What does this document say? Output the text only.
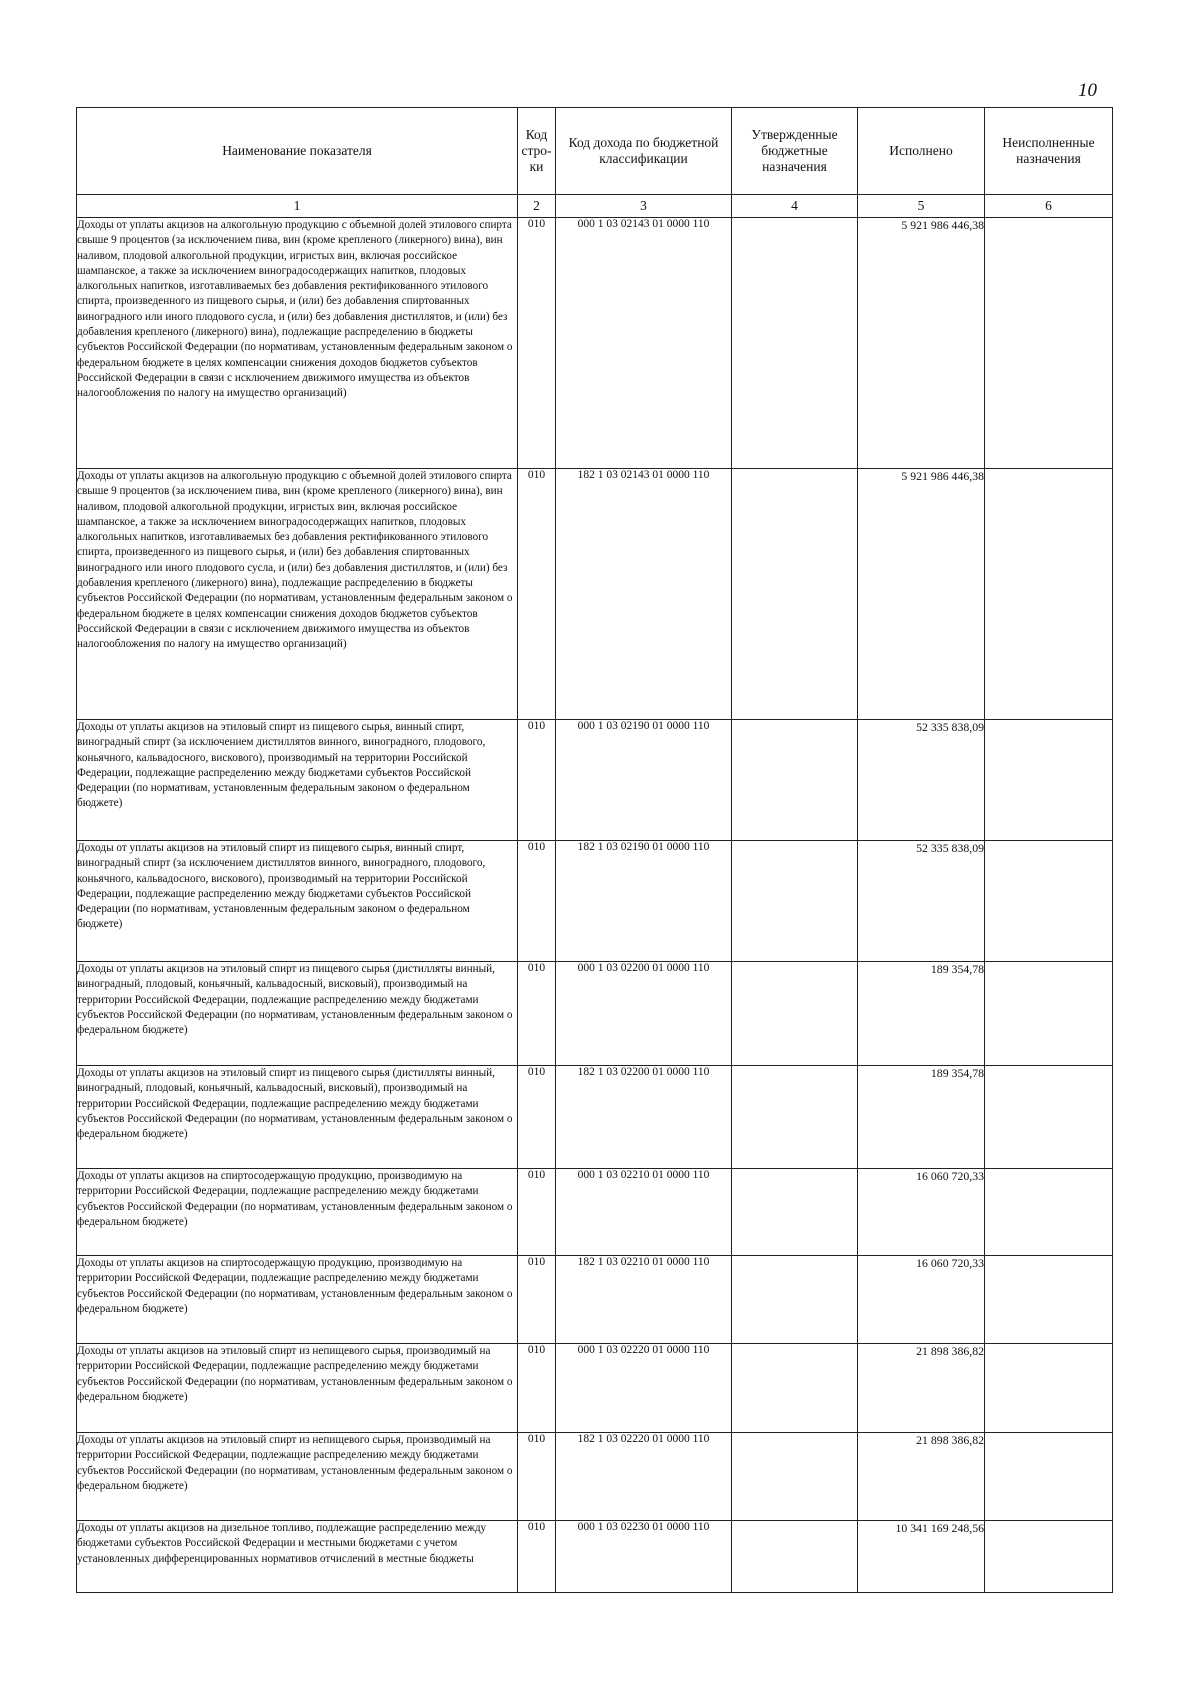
10
Наименование показателя	Код стро-ки	Код дохода по бюджетной классификации	Утвержденные бюджетные назначения	Исполнено	Неисполненные назначения
1	2	3	4	5	6
Доходы от уплаты акцизов на алкогольную продукцию с объемной долей этилового спирта свыше 9 процентов (за исключением пива, вин (кроме крепленого (ликерного) вина), вин наливом, плодовой алкогольной продукции, игристых вин, включая российское шампанское, а также за исключением виноградосодержащих напитков, плодовых алкогольных напитков, изготавливаемых без добавления ректификованного этилового спирта, произведенного из пищевого сырья, и (или) без добавления спиртованных виноградного или иного плодового сусла, и (или) без добавления дистиллятов, и (или) без добавления крепленого (ликерного) вина), подлежащие распределению в бюджеты субъектов Российской Федерации (по нормативам, установленным федеральным законом о федеральном бюджете в целях компенсации снижения доходов бюджетов субъектов Российской Федерации в связи с исключением движимого имущества из объектов налогообложения по налогу на имущество организаций)	010	000 1 03 02143 01 0000 110		5 921 986 446,38	
Доходы от уплаты акцизов на алкогольную продукцию с объемной долей этилового спирта свыше 9 процентов (за исключением пива, вин (кроме крепленого (ликерного) вина), вин наливом, плодовой алкогольной продукции, игристых вин, включая российское шампанское, а также за исключением виноградосодержащих напитков, плодовых алкогольных напитков, изготавливаемых без добавления ректификованного этилового спирта, произведенного из пищевого сырья, и (или) без добавления спиртованных виноградного или иного плодового сусла, и (или) без добавления дистиллятов, и (или) без добавления крепленого (ликерного) вина), подлежащие распределению в бюджеты субъектов Российской Федерации (по нормативам, установленным федеральным законом о федеральном бюджете в целях компенсации снижения доходов бюджетов субъектов Российской Федерации в связи с исключением движимого имущества из объектов налогообложения по налогу на имущество организаций)	010	182 1 03 02143 01 0000 110		5 921 986 446,38	
Доходы от уплаты акцизов на этиловый спирт из пищевого сырья, винный спирт, виноградный спирт (за исключением дистиллятов винного, виноградного, плодового, коньячного, кальвадосного, вискового), производимый на территории Российской Федерации, подлежащие распределению между бюджетами субъектов Российской Федерации (по нормативам, установленным федеральным законом о федеральном бюджете)	010	000 1 03 02190 01 0000 110		52 335 838,09	
Доходы от уплаты акцизов на этиловый спирт из пищевого сырья, винный спирт, виноградный спирт (за исключением дистиллятов винного, виноградного, плодового, коньячного, кальвадосного, вискового), производимый на территории Российской Федерации, подлежащие распределению между бюджетами субъектов Российской Федерации (по нормативам, установленным федеральным законом о федеральном бюджете)	010	182 1 03 02190 01 0000 110		52 335 838,09	
Доходы от уплаты акцизов на этиловый спирт из пищевого сырья (дистилляты винный, виноградный, плодовый, коньячный, кальвадосный, висковый), производимый на территории Российской Федерации, подлежащие распределению между бюджетами субъектов Российской Федерации (по нормативам, установленным федеральным законом о федеральном бюджете)	010	000 1 03 02200 01 0000 110		189 354,78	
Доходы от уплаты акцизов на этиловый спирт из пищевого сырья (дистилляты винный, виноградный, плодовый, коньячный, кальвадосный, висковый), производимый на территории Российской Федерации, подлежащие распределению между бюджетами субъектов Российской Федерации (по нормативам, установленным федеральным законом о федеральном бюджете)	010	182 1 03 02200 01 0000 110		189 354,78	
Доходы от уплаты акцизов на спиртосодержащую продукцию, производимую на территории Российской Федерации, подлежащие распределению между бюджетами субъектов Российской Федерации (по нормативам, установленным федеральным законом о федеральном бюджете)	010	000 1 03 02210 01 0000 110		16 060 720,33	
Доходы от уплаты акцизов на спиртосодержащую продукцию, производимую на территории Российской Федерации, подлежащие распределению между бюджетами субъектов Российской Федерации (по нормативам, установленным федеральным законом о федеральном бюджете)	010	182 1 03 02210 01 0000 110		16 060 720,33	
Доходы от уплаты акцизов на этиловый спирт из непищевого сырья, производимый на территории Российской Федерации, подлежащие распределению между бюджетами субъектов Российской Федерации (по нормативам, установленным федеральным законом о федеральном бюджете)	010	000 1 03 02220 01 0000 110		21 898 386,82	
Доходы от уплаты акцизов на этиловый спирт из непищевого сырья, производимый на территории Российской Федерации, подлежащие распределению между бюджетами субъектов Российской Федерации (по нормативам, установленным федеральным законом о федеральном бюджете)	010	182 1 03 02220 01 0000 110		21 898 386,82	
Доходы от уплаты акцизов на дизельное топливо, подлежащие распределению между бюджетами субъектов Российской Федерации и местными бюджетами с учетом установленных дифференцированных нормативов отчислений в местные бюджеты	010	000 1 03 02230 01 0000 110		10 341 169 248,56	
